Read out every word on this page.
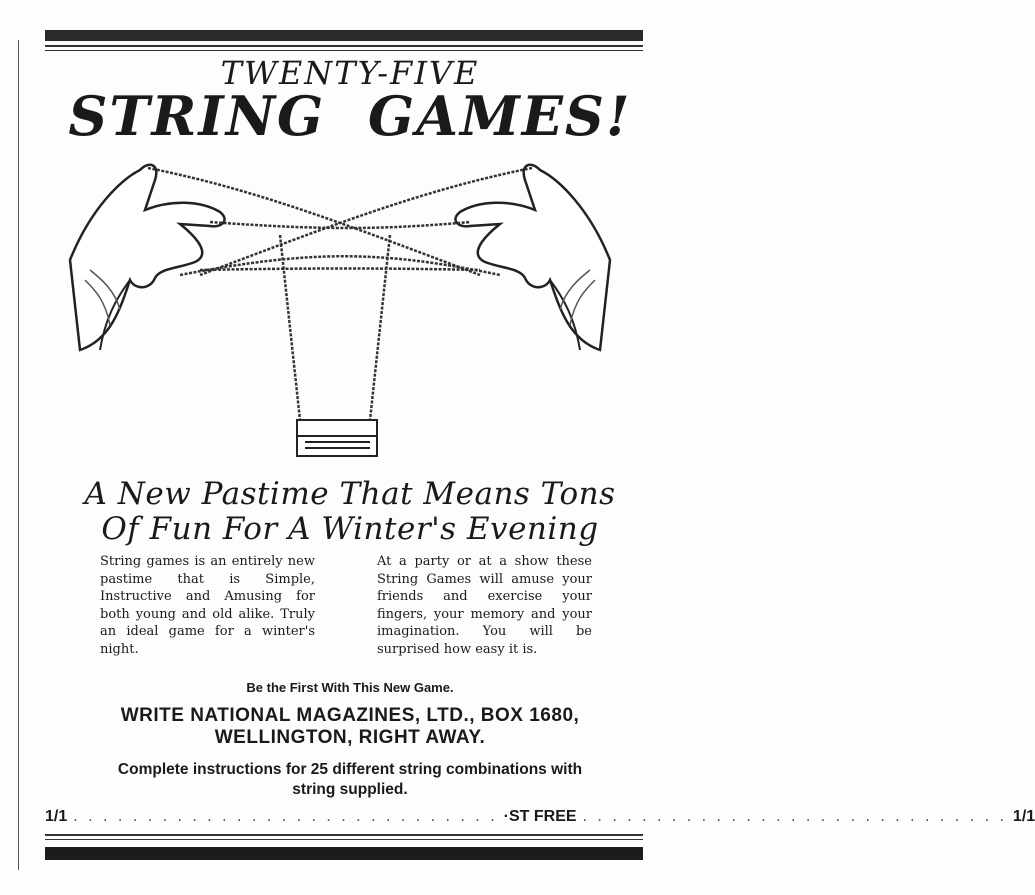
TWENTY-FIVE
STRING GAMES!
A New Pastime That Means Tons
Of Fun For A Winter's Evening
String games is an entirely new pastime that is Simple, Instructive and Amusing for both young and old alike. Truly an ideal game for a winter's night.
At a party or at a show these String Games will amuse your friends and exercise your fingers, your memory and your imagination. You will be surprised how easy it is.
Be the First With This New Game.
WRITE NATIONAL MAGAZINES, LTD., BOX 1680,
WELLINGTON, RIGHT AWAY.
Complete instructions for 25 different string combinations with
string supplied.
1/1 . . . . . . . . . . . . . . . . . . . . . . . . . . . . . ·ST FREE . . . . . . . . . . . . . . . . . . . . . . . . . . . . . 1/1
